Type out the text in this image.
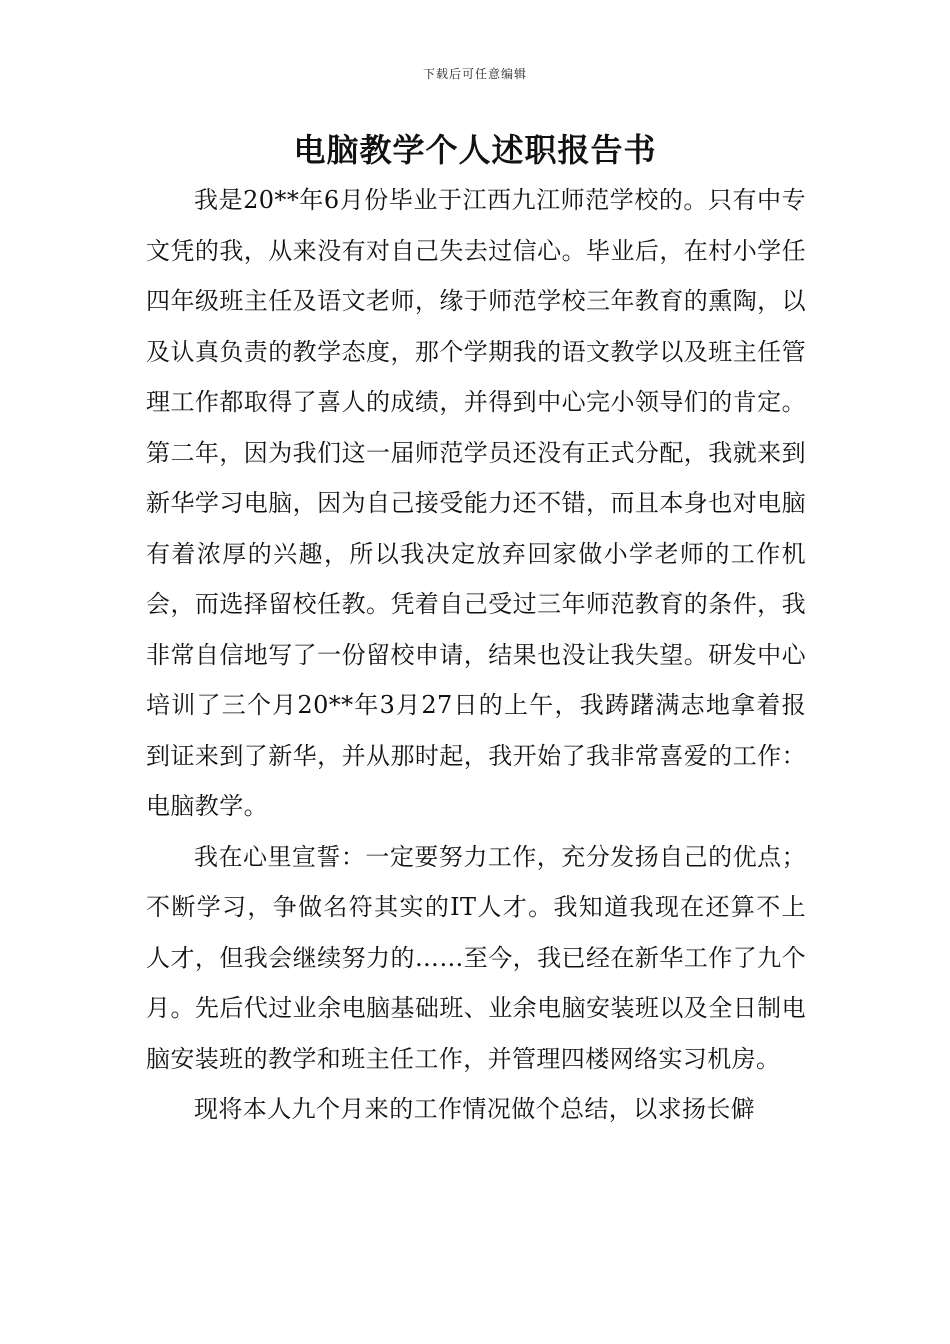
下载后可任意编辑
电脑教学个人述职报告书

我是20**年6月份毕业于江西九江师范学校的。只有中专文凭的我，从来没有对自己失去过信心。毕业后，在村小学任四年级班主任及语文老师，缘于师范学校三年教育的熏陶，以及认真负责的教学态度，那个学期我的语文教学以及班主任管理工作都取得了喜人的成绩，并得到中心完小领导们的肯定。第二年，因为我们这一届师范学员还没有正式分配，我就来到新华学习电脑，因为自己接受能力还不错，而且本身也对电脑有着浓厚的兴趣，所以我决定放弃回家做小学老师的工作机会，而选择留校任教。凭着自己受过三年师范教育的条件，我非常自信地写了一份留校申请，结果也没让我失望。研发中心培训了三个月20**年3月27日的上午，我踌躇满志地拿着报到证来到了新华，并从那时起，我开始了我非常喜爱的工作：电脑教学。

我在心里宣誓：一定要努力工作，充分发扬自己的优点；不断学习，争做名符其实的IT人才。我知道我现在还算不上人才，但我会继续努力的……至今，我已经在新华工作了九个月。先后代过业余电脑基础班、业余电脑安装班以及全日制电脑安装班的教学和班主任工作，并管理四楼网络实习机房。

现将本人九个月来的工作情况做个总结，以求扬长僻
